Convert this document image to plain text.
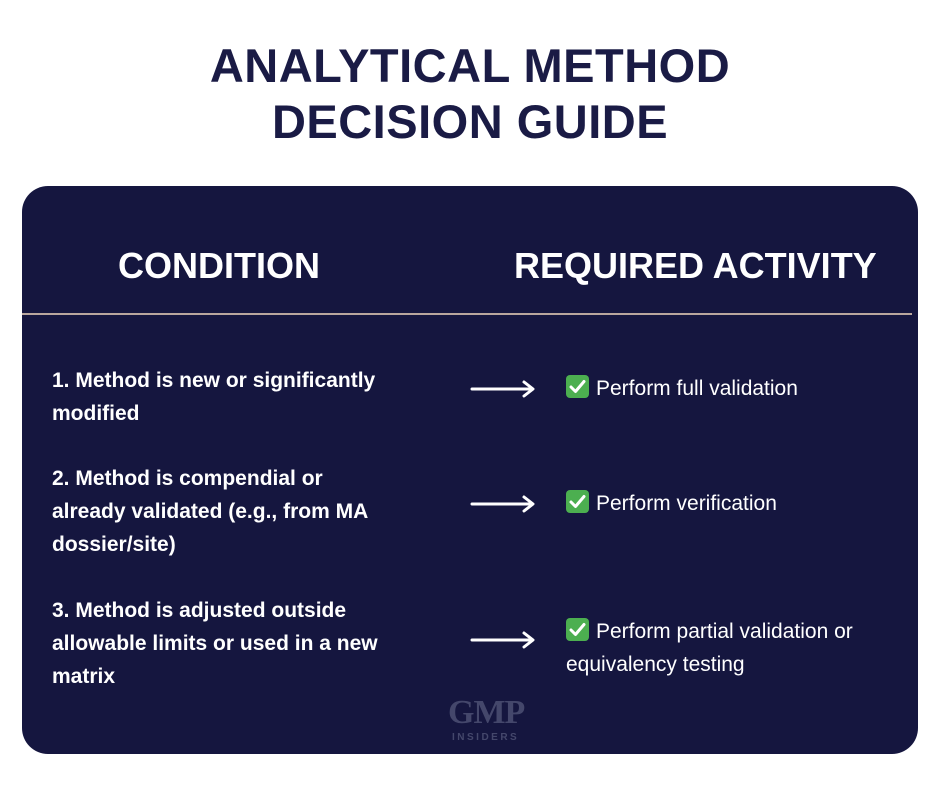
ANALYTICAL METHOD
DECISION GUIDE
CONDITION	REQUIRED ACTIVITY
1. Method is new or significantly
modified
Perform full validation
2. Method is compendial or
already validated (e.g., from MA
dossier/site)
Perform verification
3. Method is adjusted outside
allowable limits or used in a new
matrix
Perform partial validation or
equivalency testing
GMP
INSIDERS
